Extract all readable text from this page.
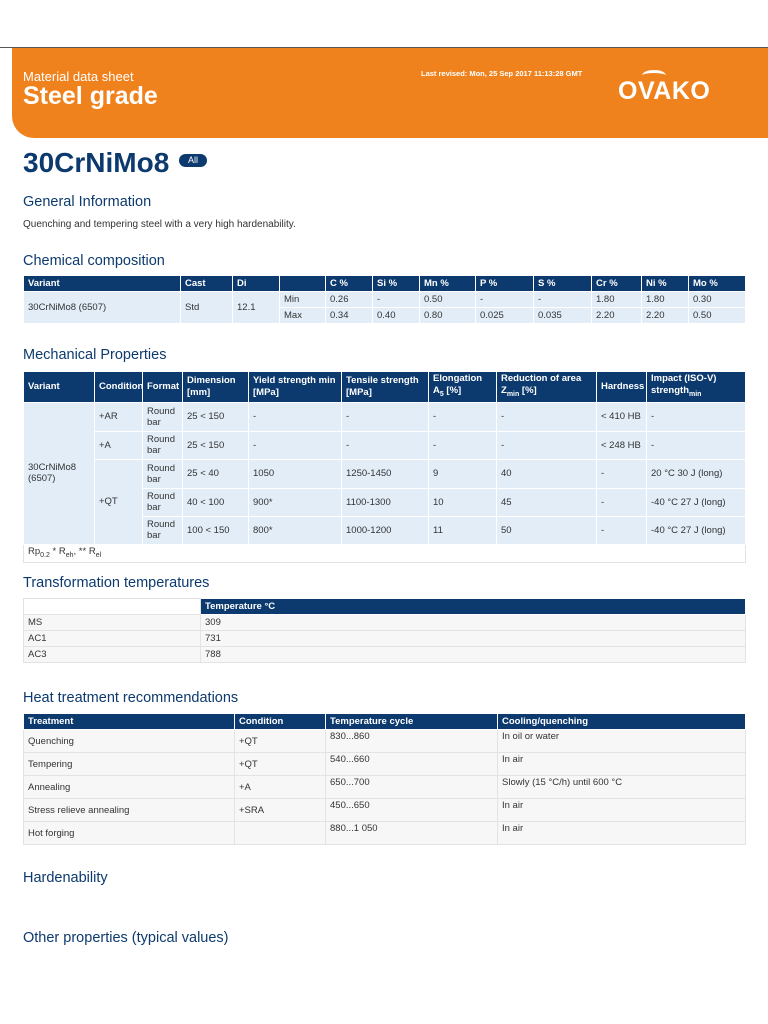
Material data sheet
Steel grade
Last revised: Mon, 25 Sep 2017 11:13:28 GMT
OVAKO
30CrNiMo8	All
General Information
Quenching and tempering steel with a very high hardenability.
Chemical composition
Variant	Cast	Di		C %	Si %	Mn %	P %	S %	Cr %	Ni %	Mo %
30CrNiMo8 (6507)	Std	12.1	Min	0.26	-	0.50	-	-	1.80	1.80	0.30
			Max	0.34	0.40	0.80	0.025	0.035	2.20	2.20	0.50
Mechanical Properties
Variant	Condition	Format	Dimension [mm]	Yield strength min [MPa]	Tensile strength [MPa]	Elongation $A_5$ [%]	Reduction of area $Z_{min}$ [%]	Hardness	Impact (ISO-V) strength$_{min}$
30CrNiMo8 (6507)	+AR	Round bar	25 < 150	-	-	-	-	< 410 HB	-
	+A	Round bar	25 < 150	-	-	-	-	< 248 HB	-
	+QT	Round bar	25 < 40	1050	1250-1450	9	40	-	20 °C 30 J (long)
		Round bar	40 < 100	900*	1100-1300	10	45	-	-40 °C 27 J (long)
		Round bar	100 < 150	800*	1000-1200	11	50	-	-40 °C 27 J (long)
$Rp_{0.2} * R_{eh}$, ** $R_{el}$
Transformation temperatures
	Temperature °C
MS	309
AC1	731
AC3	788
Heat treatment recommendations
Treatment	Condition	Temperature cycle	Cooling/quenching
Quenching	+QT	830...860	In oil or water
Tempering	+QT	540...660	In air
Annealing	+A	650...700	Slowly (15 °C/h) until 600 °C
Stress relieve annealing	+SRA	450...650	In air
Hot forging		880...1 050	In air
Hardenability
Other properties (typical values)
